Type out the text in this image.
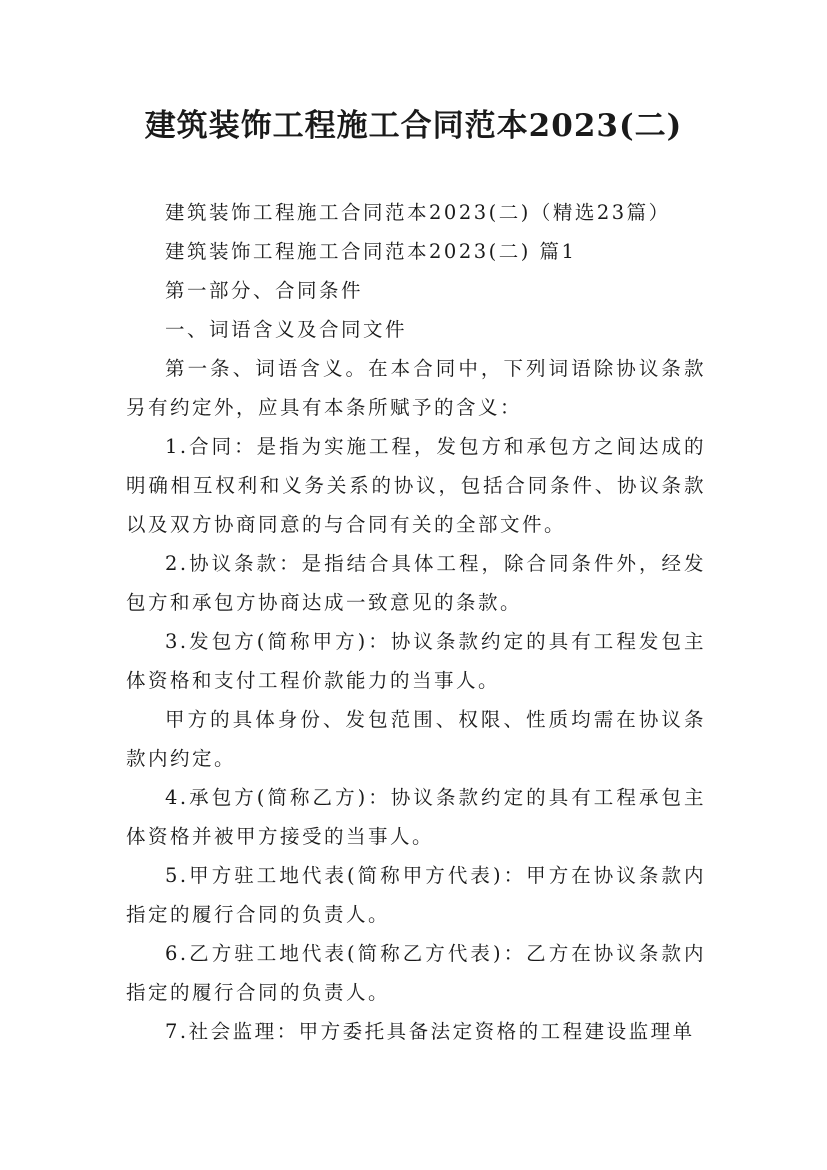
建筑装饰工程施工合同范本2023(二)

建筑装饰工程施工合同范本2023(二)（精选23篇）

建筑装饰工程施工合同范本2023(二) 篇1

第一部分、合同条件

一、词语含义及合同文件

第一条、词语含义。在本合同中，下列词语除协议条款另有约定外，应具有本条所赋予的含义：

1.合同：是指为实施工程，发包方和承包方之间达成的明确相互权利和义务关系的协议，包括合同条件、协议条款以及双方协商同意的与合同有关的全部文件。

2.协议条款：是指结合具体工程，除合同条件外，经发包方和承包方协商达成一致意见的条款。

3.发包方(简称甲方)：协议条款约定的具有工程发包主体资格和支付工程价款能力的当事人。

甲方的具体身份、发包范围、权限、性质均需在协议条款内约定。

4.承包方(简称乙方)：协议条款约定的具有工程承包主体资格并被甲方接受的当事人。

5.甲方驻工地代表(简称甲方代表)：甲方在协议条款内指定的履行合同的负责人。

6.乙方驻工地代表(简称乙方代表)：乙方在协议条款内指定的履行合同的负责人。

7.社会监理：甲方委托具备法定资格的工程建设监理单
